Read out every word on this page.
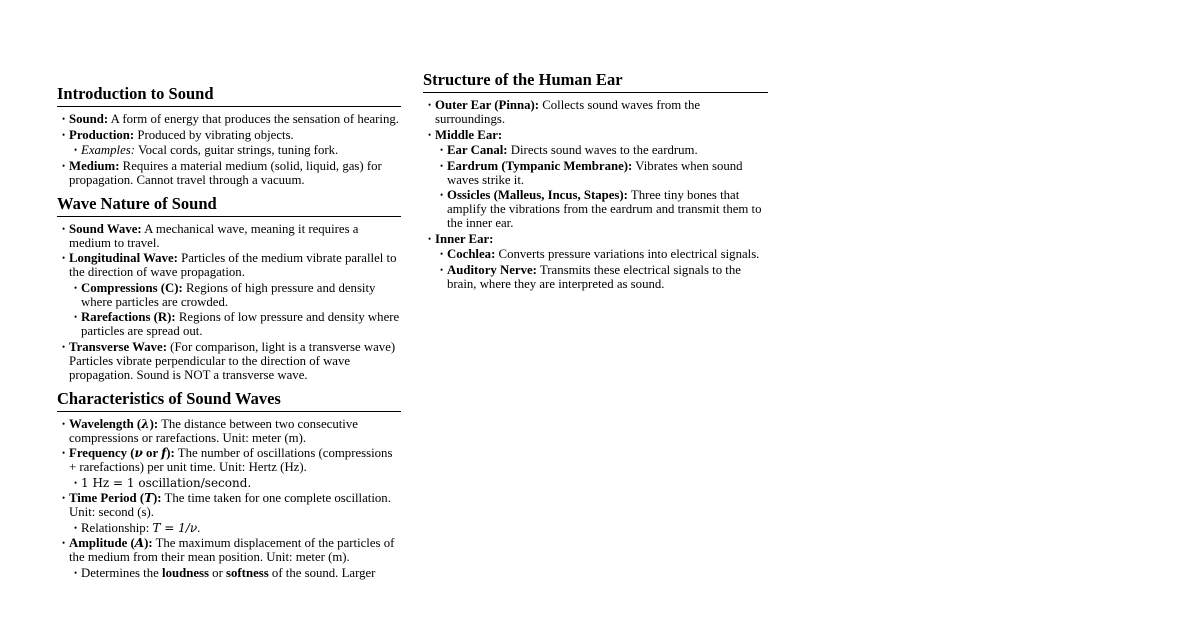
Introduction to Sound
• Sound: A form of energy that produces the sensation of hearing.
• Production: Produced by vibrating objects.
• Examples: Vocal cords, guitar strings, tuning fork.
• Medium: Requires a material medium (solid, liquid, gas) for propagation. Cannot travel through a vacuum.
Wave Nature of Sound
• Sound Wave: A mechanical wave, meaning it requires a medium to travel.
• Longitudinal Wave: Particles of the medium vibrate parallel to the direction of wave propagation.
• Compressions (C): Regions of high pressure and density where particles are crowded.
• Rarefactions (R): Regions of low pressure and density where particles are spread out.
• Transverse Wave: (For comparison, light is a transverse wave) Particles vibrate perpendicular to the direction of wave propagation. Sound is NOT a transverse wave.
Characteristics of Sound Waves
• Wavelength (λ): The distance between two consecutive compressions or rarefactions. Unit: meter (m).
• Frequency (ν or f): The number of oscillations (compressions + rarefactions) per unit time. Unit: Hertz (Hz).
• 1 Hz = 1 oscillation/second.
• Time Period (T): The time taken for one complete oscillation. Unit: second (s).
• Relationship: T = 1/ν.
• Amplitude (A): The maximum displacement of the particles of the medium from their mean position. Unit: meter (m).
• Determines the loudness or softness of the sound. Larger
Structure of the Human Ear
• Outer Ear (Pinna): Collects sound waves from the surroundings.
• Middle Ear:
• Ear Canal: Directs sound waves to the eardrum.
• Eardrum (Tympanic Membrane): Vibrates when sound waves strike it.
• Ossicles (Malleus, Incus, Stapes): Three tiny bones that amplify the vibrations from the eardrum and transmit them to the inner ear.
• Inner Ear:
• Cochlea: Converts pressure variations into electrical signals.
• Auditory Nerve: Transmits these electrical signals to the brain, where they are interpreted as sound.
